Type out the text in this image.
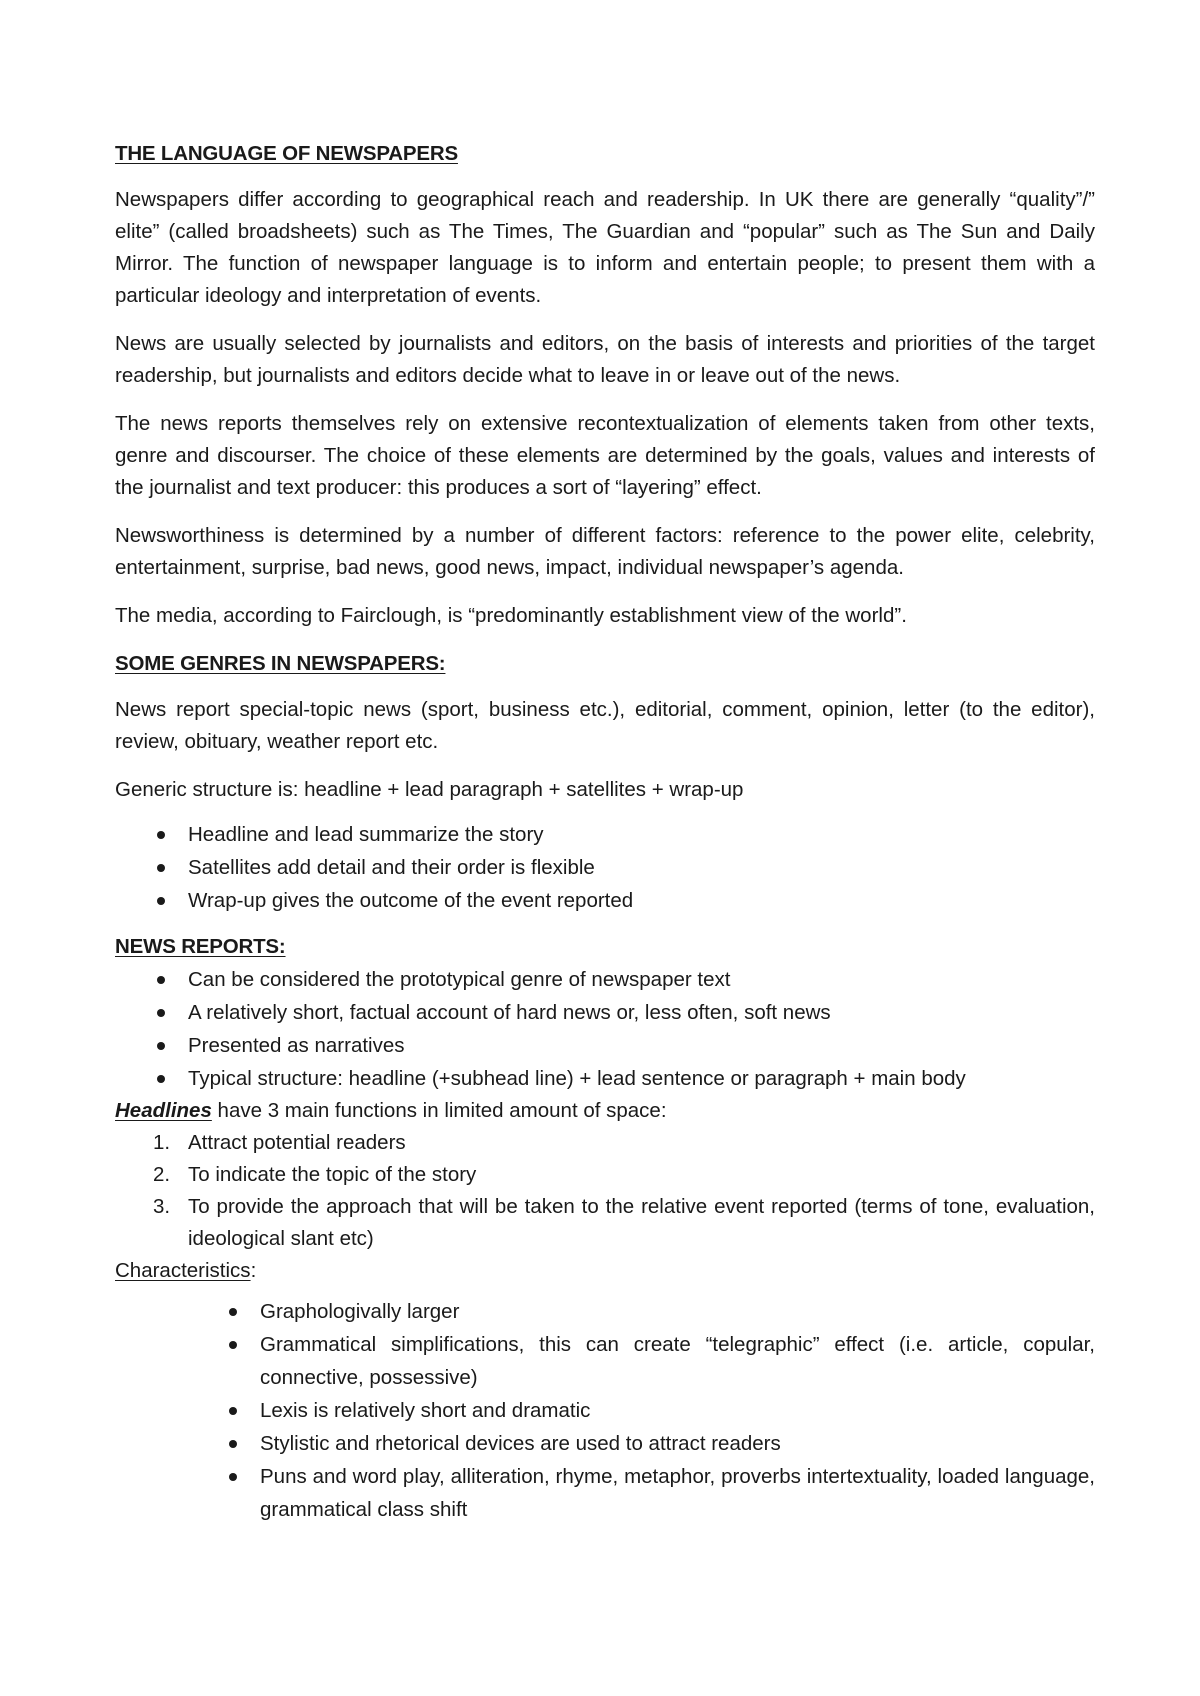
THE LANGUAGE OF NEWSPAPERS

Newspapers differ according to geographical reach and readership. In UK there are generally “quality”/” elite” (called broadsheets) such as The Times, The Guardian and “popular” such as The Sun and Daily Mirror. The function of newspaper language is to inform and entertain people; to present them with a particular ideology and interpretation of events.

News are usually selected by journalists and editors, on the basis of interests and priorities of the target readership, but journalists and editors decide what to leave in or leave out of the news.

The news reports themselves rely on extensive recontextualization of elements taken from other texts, genre and discourser. The choice of these elements are determined by the goals, values and interests of the journalist and text producer: this produces a sort of “layering” effect.

Newsworthiness is determined by a number of different factors: reference to the power elite, celebrity, entertainment, surprise, bad news, good news, impact, individual newspaper’s agenda.

The media, according to Fairclough, is “predominantly establishment view of the world”.

SOME GENRES IN NEWSPAPERS:

News report special-topic news (sport, business etc.), editorial, comment, opinion, letter (to the editor), review, obituary, weather report etc.

Generic structure is: headline + lead paragraph + satellites + wrap-up

Headline and lead summarize the story
Satellites add detail and their order is flexible
Wrap-up gives the outcome of the event reported
NEWS REPORTS:
Can be considered the prototypical genre of newspaper text
A relatively short, factual account of hard news or, less often, soft news
Presented as narratives
Typical structure: headline (+subhead line) + lead sentence or paragraph + main body

Headlines have 3 main functions in limited amount of space:

1. Attract potential readers
2. To indicate the topic of the story
3. To provide the approach that will be taken to the relative event reported (terms of tone, evaluation, ideological slant etc)
Characteristics:
Graphologivally larger
Grammatical simplifications, this can create “telegraphic” effect (i.e. article, copular, connective, possessive)
Lexis is relatively short and dramatic
Stylistic and rhetorical devices are used to attract readers
Puns and word play, alliteration, rhyme, metaphor, proverbs intertextuality, loaded language, grammatical class shift
